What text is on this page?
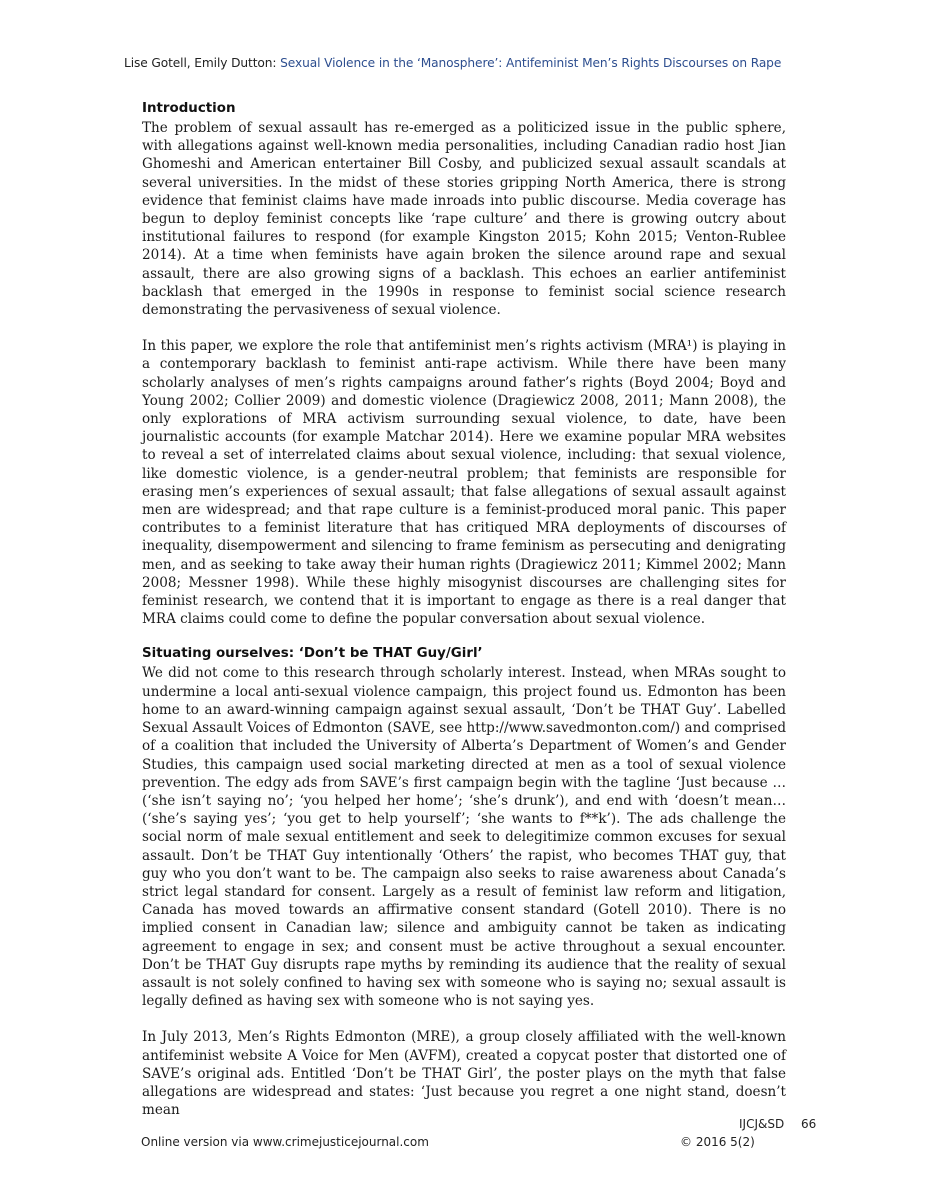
Lise Gotell, Emily Dutton: Sexual Violence in the ‘Manosphere’: Antifeminist Men’s Rights Discourses on Rape
Introduction

The problem of sexual assault has re-emerged as a politicized issue in the public sphere, with allegations against well-known media personalities, including Canadian radio host Jian Ghomeshi and American entertainer Bill Cosby, and publicized sexual assault scandals at several universities. In the midst of these stories gripping North America, there is strong evidence that feminist claims have made inroads into public discourse. Media coverage has begun to deploy feminist concepts like ‘rape culture’ and there is growing outcry about institutional failures to respond (for example Kingston 2015; Kohn 2015; Venton-Rublee 2014). At a time when feminists have again broken the silence around rape and sexual assault, there are also growing signs of a backlash. This echoes an earlier antifeminist backlash that emerged in the 1990s in response to feminist social science research demonstrating the pervasiveness of sexual violence.

In this paper, we explore the role that antifeminist men’s rights activism (MRA¹) is playing in a contemporary backlash to feminist anti-rape activism. While there have been many scholarly analyses of men’s rights campaigns around father’s rights (Boyd 2004; Boyd and Young 2002; Collier 2009) and domestic violence (Dragiewicz 2008, 2011; Mann 2008), the only explorations of MRA activism surrounding sexual violence, to date, have been journalistic accounts (for example Matchar 2014). Here we examine popular MRA websites to reveal a set of interrelated claims about sexual violence, including: that sexual violence, like domestic violence, is a gender-neutral problem; that feminists are responsible for erasing men’s experiences of sexual assault; that false allegations of sexual assault against men are widespread; and that rape culture is a feminist-produced moral panic. This paper contributes to a feminist literature that has critiqued MRA deployments of discourses of inequality, disempowerment and silencing to frame feminism as persecuting and denigrating men, and as seeking to take away their human rights (Dragiewicz 2011; Kimmel 2002; Mann 2008; Messner 1998). While these highly misogynist discourses are challenging sites for feminist research, we contend that it is important to engage as there is a real danger that MRA claims could come to define the popular conversation about sexual violence.

Situating ourselves: ‘Don’t be THAT Guy/Girl’

We did not come to this research through scholarly interest. Instead, when MRAs sought to undermine a local anti-sexual violence campaign, this project found us. Edmonton has been home to an award-winning campaign against sexual assault, ‘Don’t be THAT Guy’. Labelled Sexual Assault Voices of Edmonton (SAVE, see http://www.savedmonton.com/) and comprised of a coalition that included the University of Alberta’s Department of Women’s and Gender Studies, this campaign used social marketing directed at men as a tool of sexual violence prevention. The edgy ads from SAVE’s first campaign begin with the tagline ‘Just because … (‘she isn’t saying no’; ‘you helped her home’; ‘she’s drunk’), and end with ‘doesn’t mean… (‘she’s saying yes’; ‘you get to help yourself’; ‘she wants to f**k’). The ads challenge the social norm of male sexual entitlement and seek to delegitimize common excuses for sexual assault. Don’t be THAT Guy intentionally ‘Others’ the rapist, who becomes THAT guy, that guy who you don’t want to be. The campaign also seeks to raise awareness about Canada’s strict legal standard for consent. Largely as a result of feminist law reform and litigation, Canada has moved towards an affirmative consent standard (Gotell 2010). There is no implied consent in Canadian law; silence and ambiguity cannot be taken as indicating agreement to engage in sex; and consent must be active throughout a sexual encounter. Don’t be THAT Guy disrupts rape myths by reminding its audience that the reality of sexual assault is not solely confined to having sex with someone who is saying no; sexual assault is legally defined as having sex with someone who is not saying yes.

In July 2013, Men’s Rights Edmonton (MRE), a group closely affiliated with the well-known antifeminist website A Voice for Men (AVFM), created a copycat poster that distorted one of SAVE’s original ads. Entitled ‘Don’t be THAT Girl’, the poster plays on the myth that false allegations are widespread and states: ‘Just because you regret a one night stand, doesn’t mean

Online version via www.crimejusticejournal.com
IJCJ&SD 66
© 2016 5(2)
